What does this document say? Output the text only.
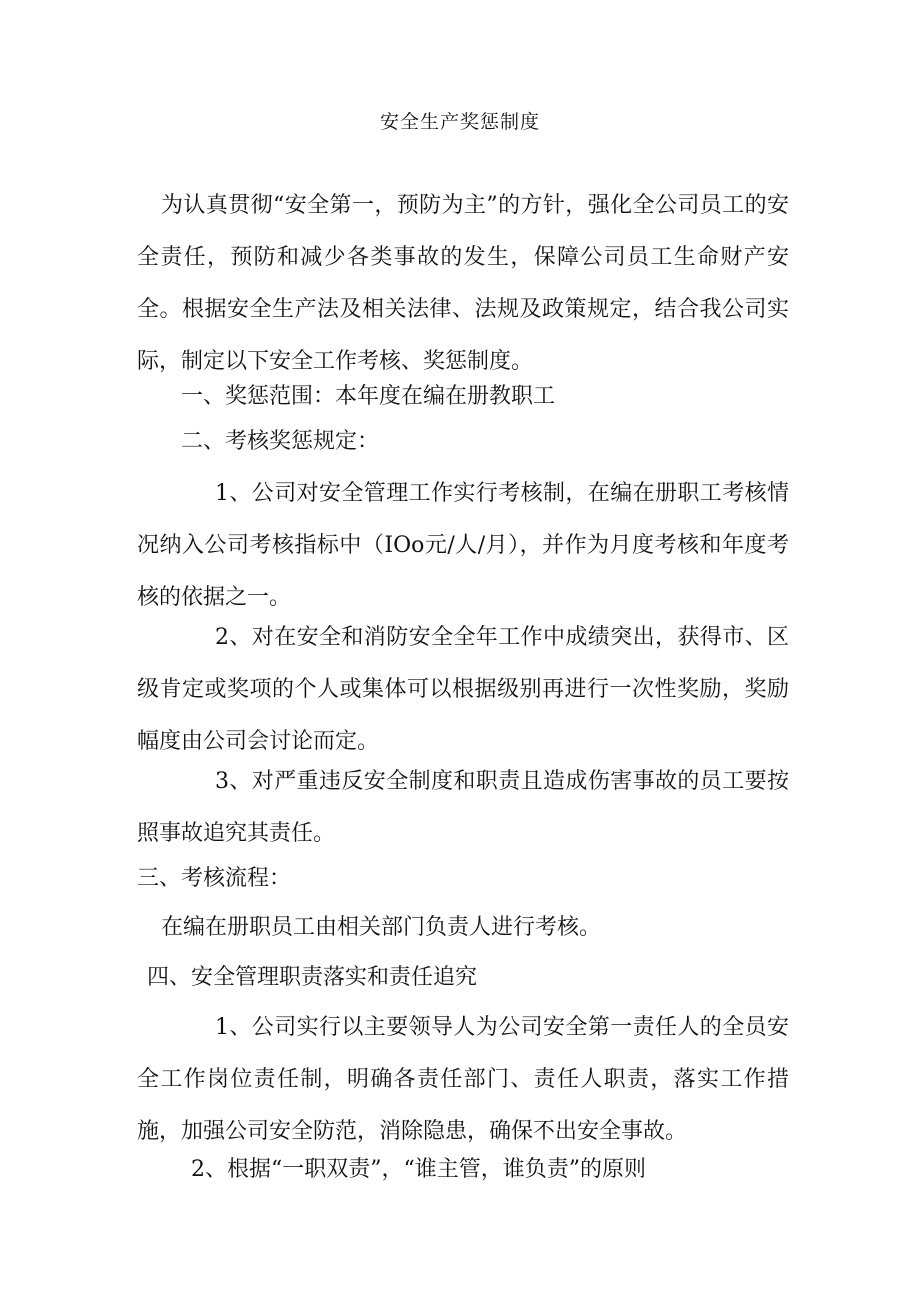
安全生产奖惩制度

为认真贯彻“安全第一，预防为主”的方针，强化全公司员工的安全责任，预防和减少各类事故的发生，保障公司员工生命财产安全。根据安全生产法及相关法律、法规及政策规定，结合我公司实际，制定以下安全工作考核、奖惩制度。

一、奖惩范围：本年度在编在册教职工

二、考核奖惩规定：

1、公司对安全管理工作实行考核制，在编在册职工考核情况纳入公司考核指标中（IOo元/人/月），并作为月度考核和年度考核的依据之一。

2、对在安全和消防安全全年工作中成绩突出，获得市、区级肯定或奖项的个人或集体可以根据级别再进行一次性奖励，奖励幅度由公司会讨论而定。

3、对严重违反安全制度和职责且造成伤害事故的员工要按照事故追究其责任。

三、考核流程：

在编在册职员工由相关部门负责人进行考核。

四、安全管理职责落实和责任追究

1、公司实行以主要领导人为公司安全第一责任人的全员安全工作岗位责任制，明确各责任部门、责任人职责，落实工作措施，加强公司安全防范，消除隐患，确保不出安全事故。

2、根据“一职双责”，“谁主管，谁负责”的原则
